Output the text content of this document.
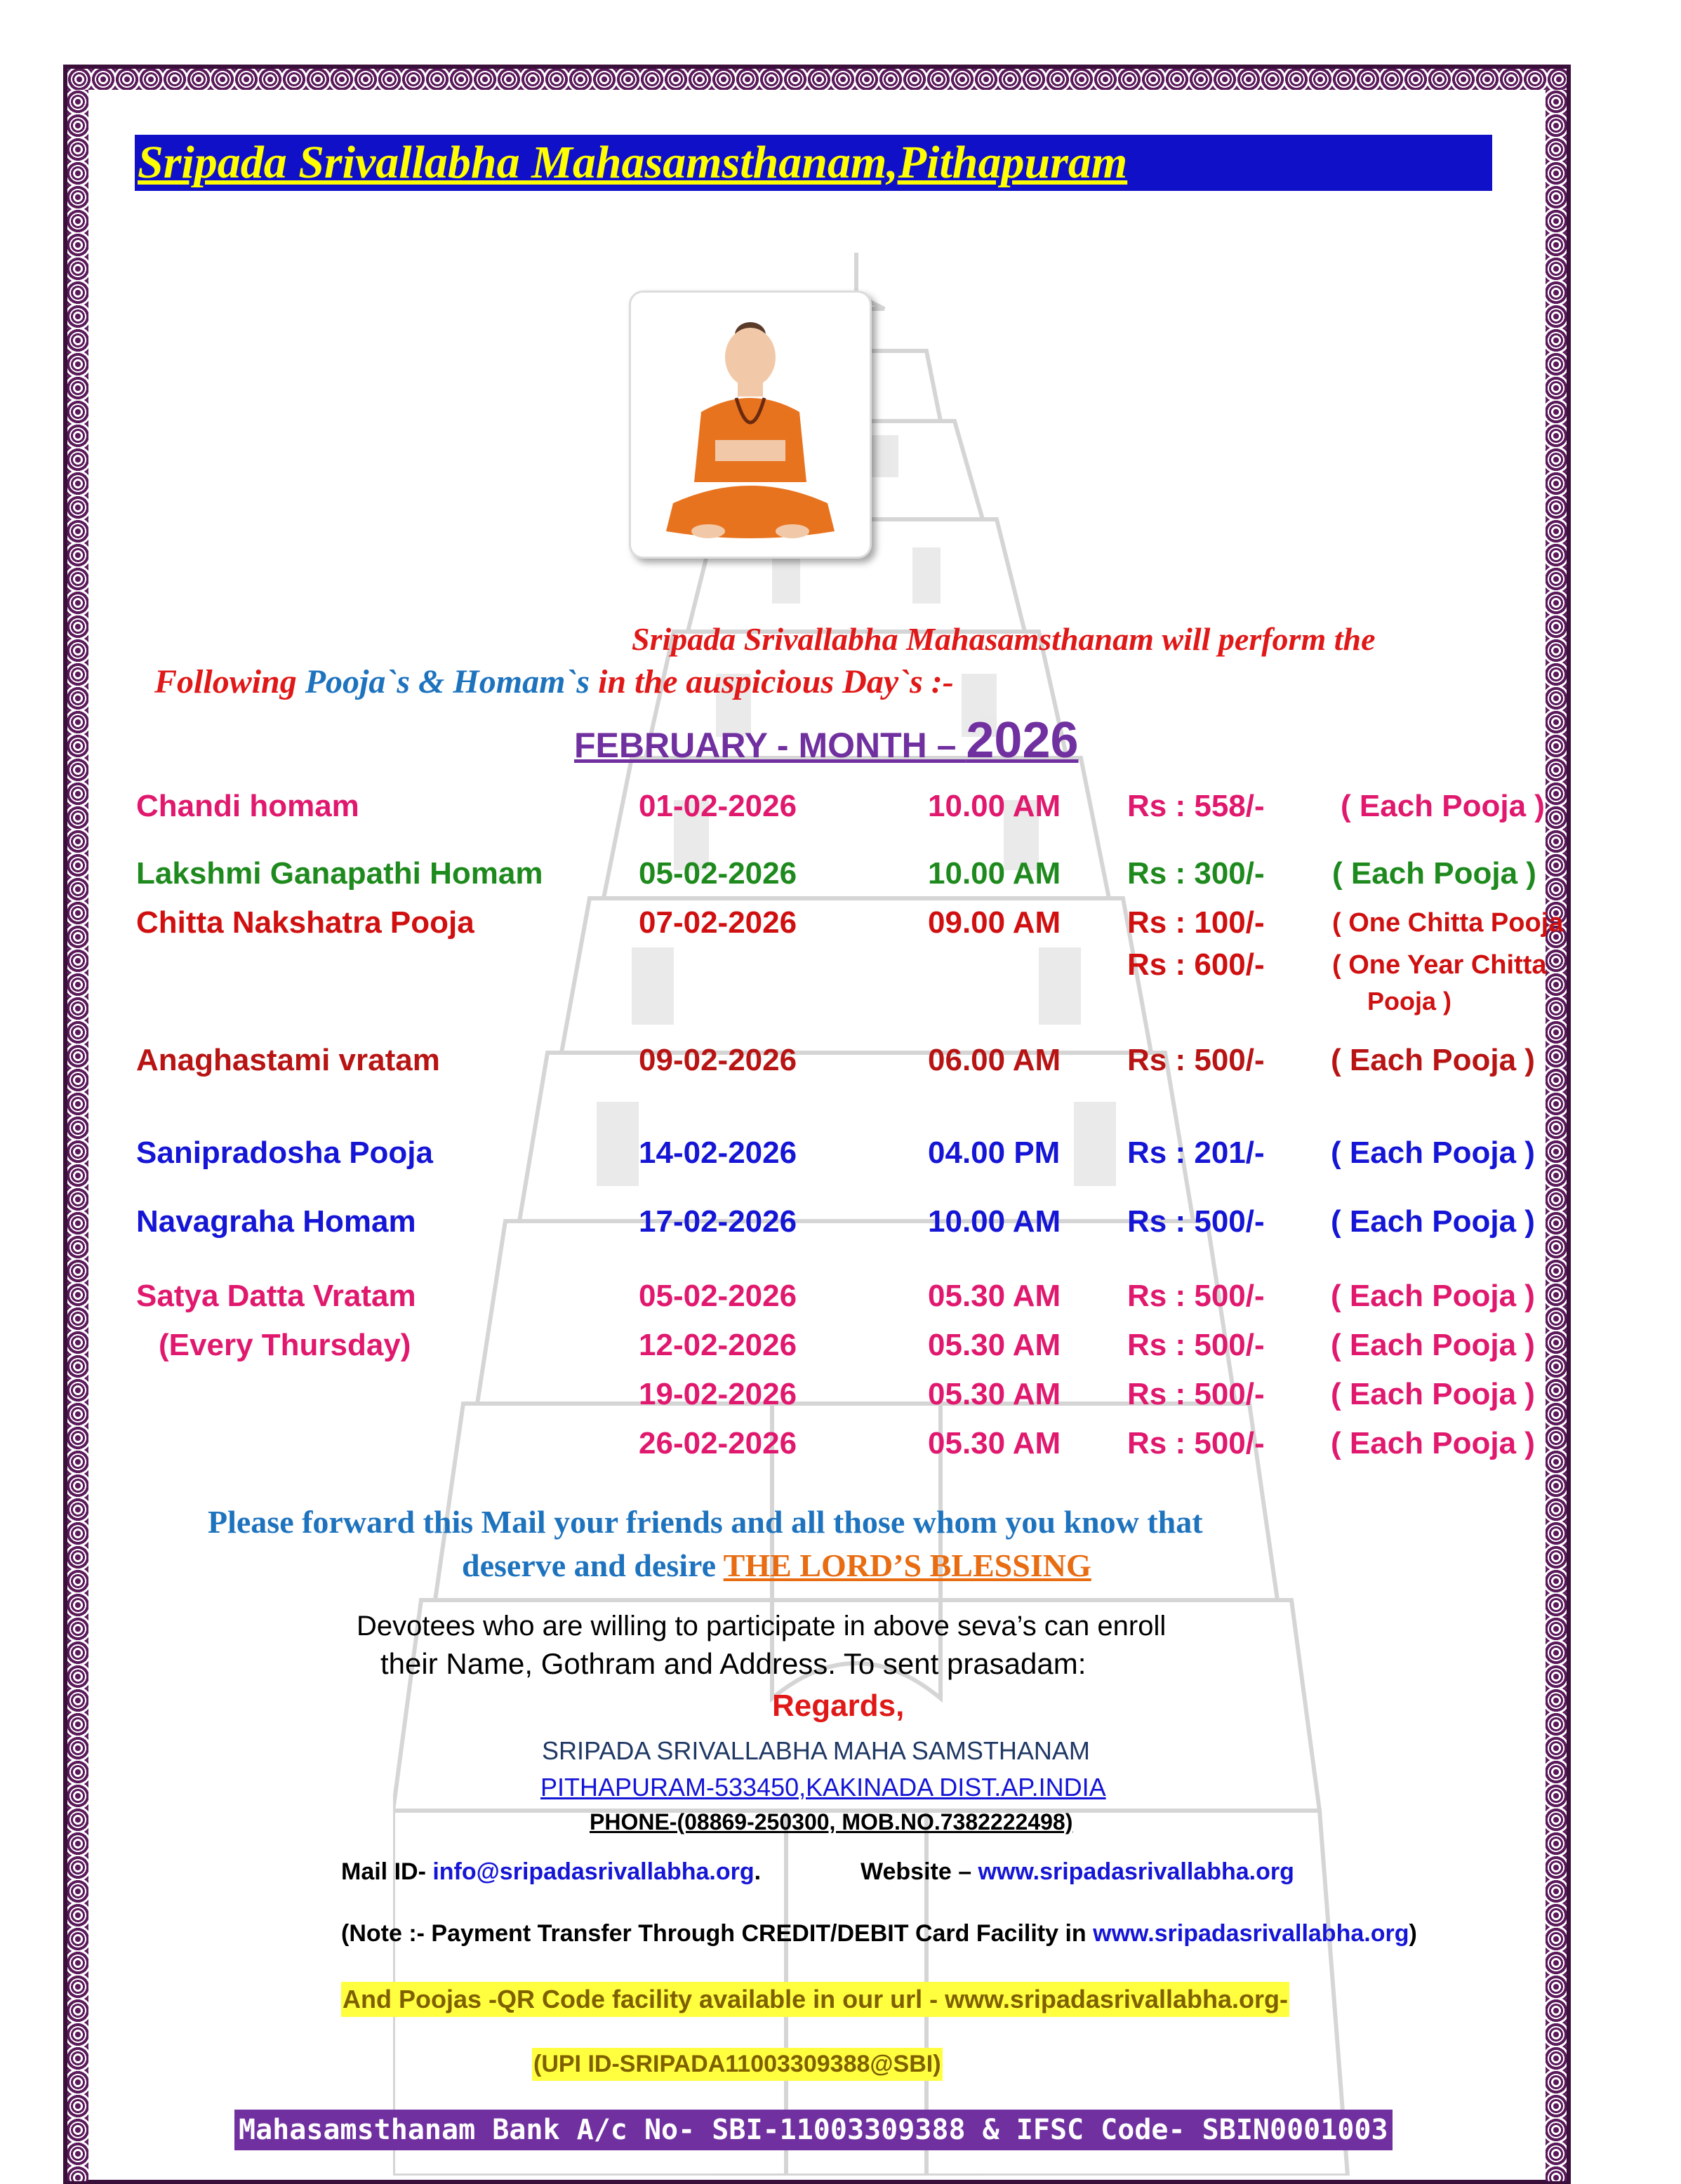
Sripada Srivallabha Mahasamsthanam,Pithapuram
Sripada Srivallabha Mahasamsthanam will perform the
Following Pooja`s & Homam`s in the auspicious Day`s :-
FEBRUARY - MONTH – 2026
Chandi homam	01-02-2026	10.00 AM Rs : 558/- ( Each Pooja )
Lakshmi Ganapathi Homam	05-02-2026	10.00 AM Rs : 300/- ( Each Pooja )
Chitta Nakshatra Pooja	07-02-2026	09.00 AM Rs : 100/-	( One Chitta Pooja
Rs : 600/-	( One Year Chitta
Pooja )
Anaghastami vratam	09-02-2026	06.00 AM Rs : 500/- ( Each Pooja )
Sanipradosha Pooja	14-02-2026	04.00 PM Rs : 201/- ( Each Pooja )
Navagraha Homam	17-02-2026	10.00 AM Rs : 500/- ( Each Pooja )
Satya Datta Vratam	05-02-2026	05.30 AM Rs : 500/- ( Each Pooja )
(Every Thursday)	12-02-2026	05.30 AM Rs : 500/- ( Each Pooja )
19-02-2026	05.30 AM Rs : 500/- ( Each Pooja )
26-02-2026	05.30 AM Rs : 500/- ( Each Pooja )
Please forward this Mail your friends and all those whom you know that
deserve and desire THE LORD’S BLESSING
Devotees who are willing to participate in above seva’s can enroll
their Name, Gothram and Address. To sent prasadam:
Regards,
SRIPADA SRIVALLABHA MAHA SAMSTHANAM
PITHAPURAM-533450,KAKINADA DIST.AP.INDIA
PHONE-(08869-250300, MOB.NO.7382222498)
Mail ID- info@sripadasrivallabha.org.	Website – www.sripadasrivallabha.org
(Note :- Payment Transfer Through CREDIT/DEBIT Card Facility in www.sripadasrivallabha.org)
And Poojas -QR Code facility available in our url - www.sripadasrivallabha.org-
(UPI ID-SRIPADA11003309388@SBI)
Mahasamsthanam Bank A/c No- SBI-11003309388 & IFSC Code- SBIN0001003
